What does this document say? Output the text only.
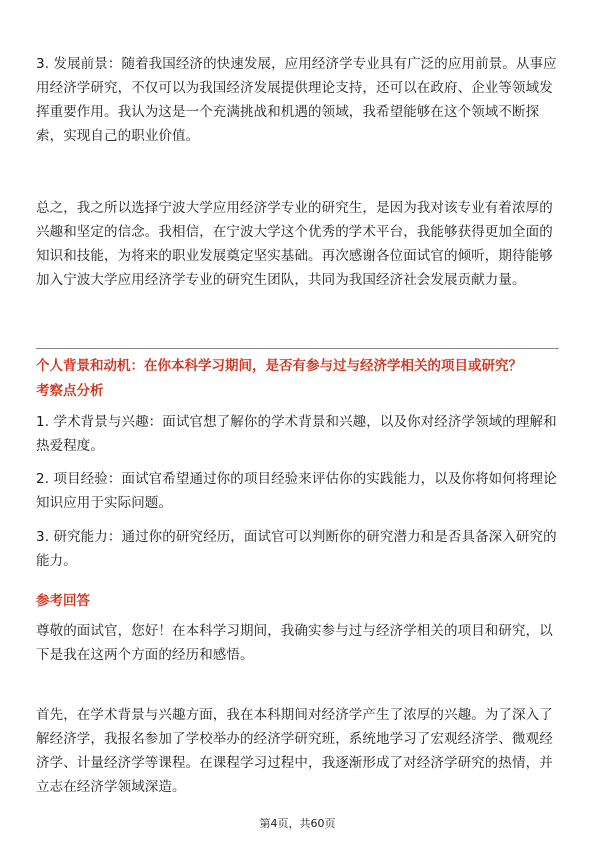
3. 发展前景：随着我国经济的快速发展，应用经济学专业具有广泛的应用前景。从事应用经济学研究，不仅可以为我国经济发展提供理论支持，还可以在政府、企业等领域发挥重要作用。我认为这是一个充满挑战和机遇的领域，我希望能够在这个领域不断探索，实现自己的职业价值。

总之，我之所以选择宁波大学应用经济学专业的研究生，是因为我对该专业有着浓厚的兴趣和坚定的信念。我相信，在宁波大学这个优秀的学术平台，我能够获得更加全面的知识和技能，为将来的职业发展奠定坚实基础。再次感谢各位面试官的倾听，期待能够加入宁波大学应用经济学专业的研究生团队，共同为我国经济社会发展贡献力量。

个人背景和动机：在你本科学习期间，是否有参与过与经济学相关的项目或研究？

考察点分析

1. 学术背景与兴趣：面试官想了解你的学术背景和兴趣，以及你对经济学领域的理解和热爱程度。

2. 项目经验：面试官希望通过你的项目经验来评估你的实践能力，以及你将如何将理论知识应用于实际问题。

3. 研究能力：通过你的研究经历，面试官可以判断你的研究潜力和是否具备深入研究的能力。

参考回答

尊敬的面试官，您好！在本科学习期间，我确实参与过与经济学相关的项目和研究，以下是我在这两个方面的经历和感悟。

首先，在学术背景与兴趣方面，我在本科期间对经济学产生了浓厚的兴趣。为了深入了解经济学，我报名参加了学校举办的经济学研究班，系统地学习了宏观经济学、微观经济学、计量经济学等课程。在课程学习过程中，我逐渐形成了对经济学研究的热情，并立志在经济学领域深造。

第4页，共60页
